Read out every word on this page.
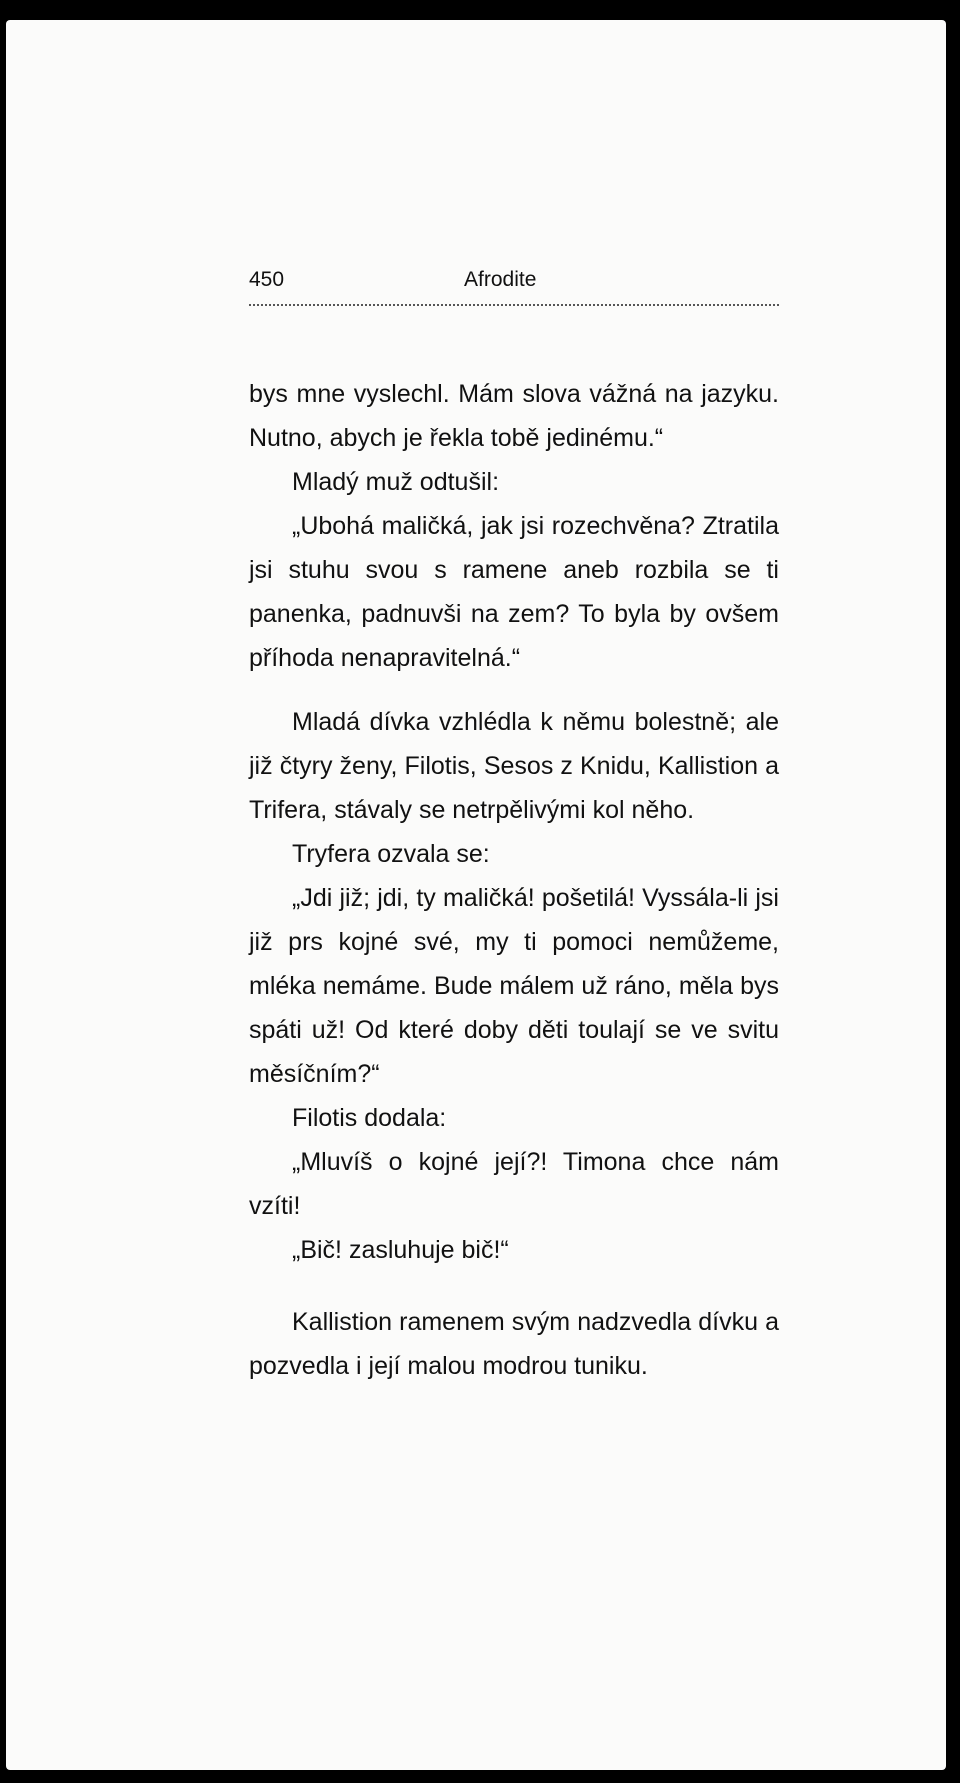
450	Afrodite

bys mne vyslechl. Mám slova vážná na jazyku. Nutno, abych je řekla tobě jedinému.“

Mladý muž odtušil:

„Ubohá maličká, jak jsi rozechvěna? Ztratila jsi stuhu svou s ramene aneb rozbila se ti panenka, padnuvši na zem? To byla by ovšem příhoda nenapravitelná.“

Mladá dívka vzhlédla k němu bolestně; ale již čtyry ženy, Filotis, Sesos z Knidu, Kallistion a Trifera, stávaly se netrpělivými kol něho.

Tryfera ozvala se:

„Jdi již; jdi, ty maličká! pošetilá! Vyssála-li jsi již prs kojné své, my ti pomoci nemůžeme, mléka nemáme. Bude málem už ráno, měla bys spáti už! Od které doby děti toulají se ve svitu měsíčním?“

Filotis dodala:

„Mluvíš o kojné její?! Timona chce nám vzíti!

„Bič! zasluhuje bič!“

Kallistion ramenem svým nadzvedla dívku a pozvedla i její malou modrou tuniku.
